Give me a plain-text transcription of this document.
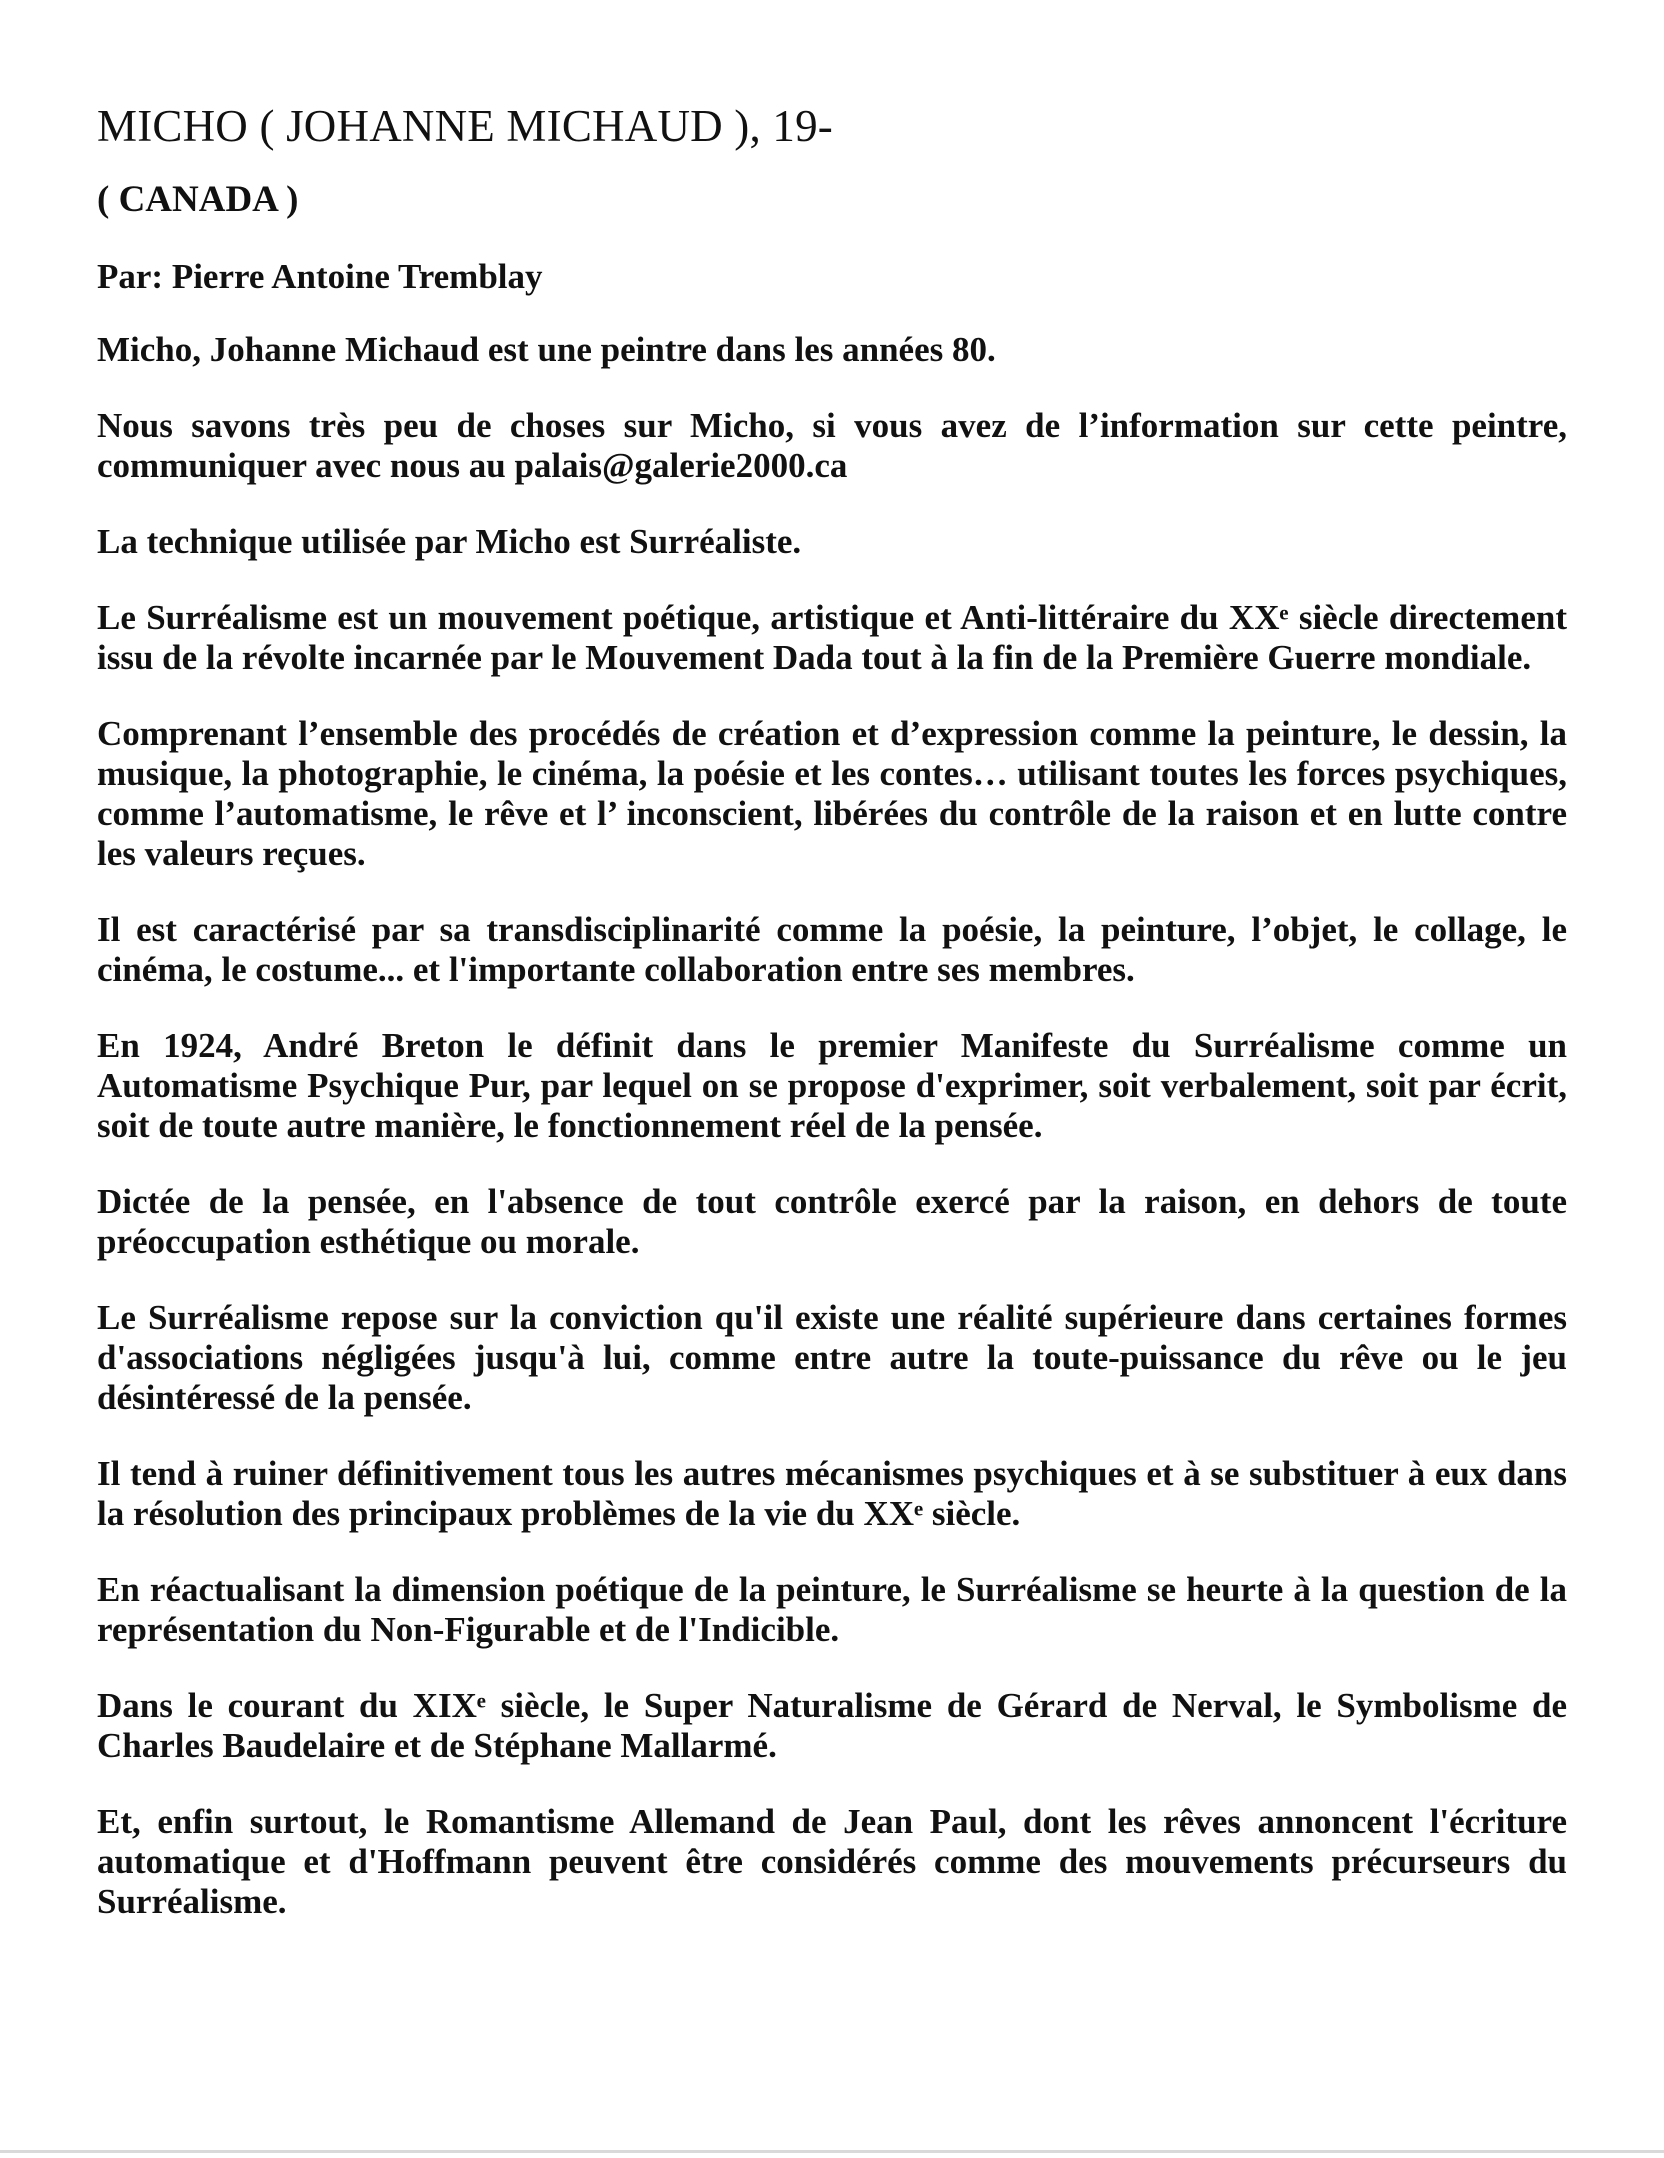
MICHO ( JOHANNE MICHAUD ), 19-

( CANADA )

Par: Pierre Antoine Tremblay

Micho, Johanne Michaud est une peintre dans les années 80.

Nous savons très peu de choses sur Micho, si vous avez de l’information sur cette peintre, communiquer avec nous au palais@galerie2000.ca

La technique utilisée par Micho est Surréaliste.

Le Surréalisme est un mouvement poétique, artistique et Anti-littéraire du XXᵉ siècle directement issu de la révolte incarnée par le Mouvement Dada tout à la fin de la Première Guerre mondiale.

Comprenant l’ensemble des procédés de création et d’expression comme la peinture, le dessin, la musique, la photographie, le cinéma, la poésie et les contes… utilisant toutes les forces psychiques, comme l’automatisme, le rêve et l’ inconscient, libérées du contrôle de la raison et en lutte contre les valeurs reçues.

Il est caractérisé par sa transdisciplinarité comme la poésie, la peinture, l’objet, le collage, le cinéma, le costume... et l'importante collaboration entre ses membres.

En 1924, André Breton le définit dans le premier Manifeste du Surréalisme comme un Automatisme Psychique Pur, par lequel on se propose d'exprimer, soit verbalement, soit par écrit, soit de toute autre manière, le fonctionnement réel de la pensée.

Dictée de la pensée, en l'absence de tout contrôle exercé par la raison, en dehors de toute préoccupation esthétique ou morale.

Le Surréalisme repose sur la conviction qu'il existe une réalité supérieure dans certaines formes d'associations négligées jusqu'à lui, comme entre autre la toute-puissance du rêve ou le jeu désintéressé de la pensée.

Il tend à ruiner définitivement tous les autres mécanismes psychiques et à se substituer à eux dans la résolution des principaux problèmes de la vie du XXᵉ siècle.

En réactualisant la dimension poétique de la peinture, le Surréalisme se heurte à la question de la représentation du Non-Figurable et de l'Indicible.

Dans le courant du XIXᵉ siècle, le Super Naturalisme de Gérard de Nerval, le Symbolisme de Charles Baudelaire et de Stéphane Mallarmé.

Et, enfin surtout, le Romantisme Allemand de Jean Paul, dont les rêves annoncent l'écriture automatique et d'Hoffmann peuvent être considérés comme des mouvements précurseurs du Surréalisme.
